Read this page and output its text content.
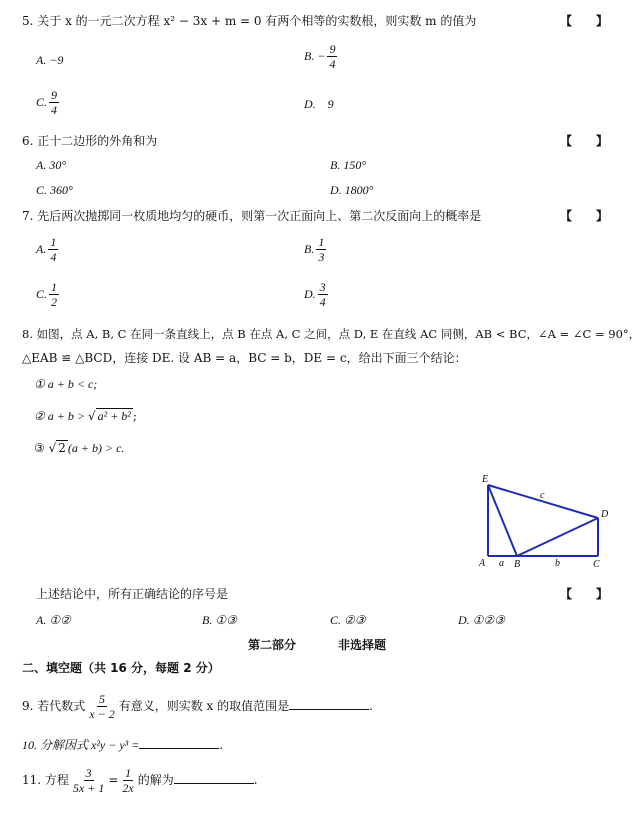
5. 关于 x 的一元二次方程 x² − 3x + m = 0 有两个相等的实数根，则实数 m 的值为	【　　】
A. −9	B. − $\frac{9}{4}$
C. $\frac{9}{4}$	D.　9
6. 正十二边形的外角和为	【　　】
A. 30°	B. 150°
C. 360°	D. 1800°
7. 先后两次抛掷同一枚质地均匀的硬币，则第一次正面向上、第二次反面向上的概率是	【　　】
A. $\frac{1}{4}$	B. $\frac{1}{3}$
C. $\frac{1}{2}$	D. $\frac{3}{4}$
8. 如图，点 A, B, C 在同一条直线上，点 B 在点 A, C 之间，点 D, E 在直线 AC 同侧，AB < BC，∠A = ∠C = 90°，
△EAB ≌ △BCD，连接 DE. 设 AB = a，BC = b，DE = c，给出下面三个结论：
① a + b < c;
② a + b > √ a² + b² ;
③ √ 2 (a + b) > c.
E
D
A	B	C
a	b
c
上述结论中，所有正确结论的序号是	【　　】
A. ①②	B. ①③	C. ②③	D. ①②③
第二部分	非选择题
二、填空题（共 16 分，每题 2 分）
9. 若代数式 $\frac{5}{x - 2}$ 有意义，则实数 x 的取值范围是	.
10. 分解因式 x²y − y³ =	.
11. 方程 $\frac{3}{5x + 1} = \frac{1}{2x}$ 的解为	.
